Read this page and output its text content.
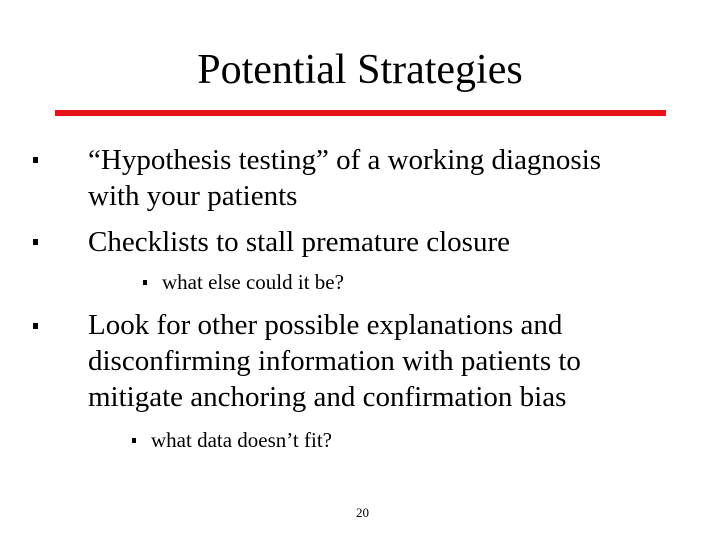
Potential Strategies
“Hypothesis testing” of a working diagnosis
with your patients
Checklists to stall premature closure
what else could it be?
Look for other possible explanations and
disconfirming information with patients to
mitigate anchoring and confirmation bias
what data doesn’t fit?
20
